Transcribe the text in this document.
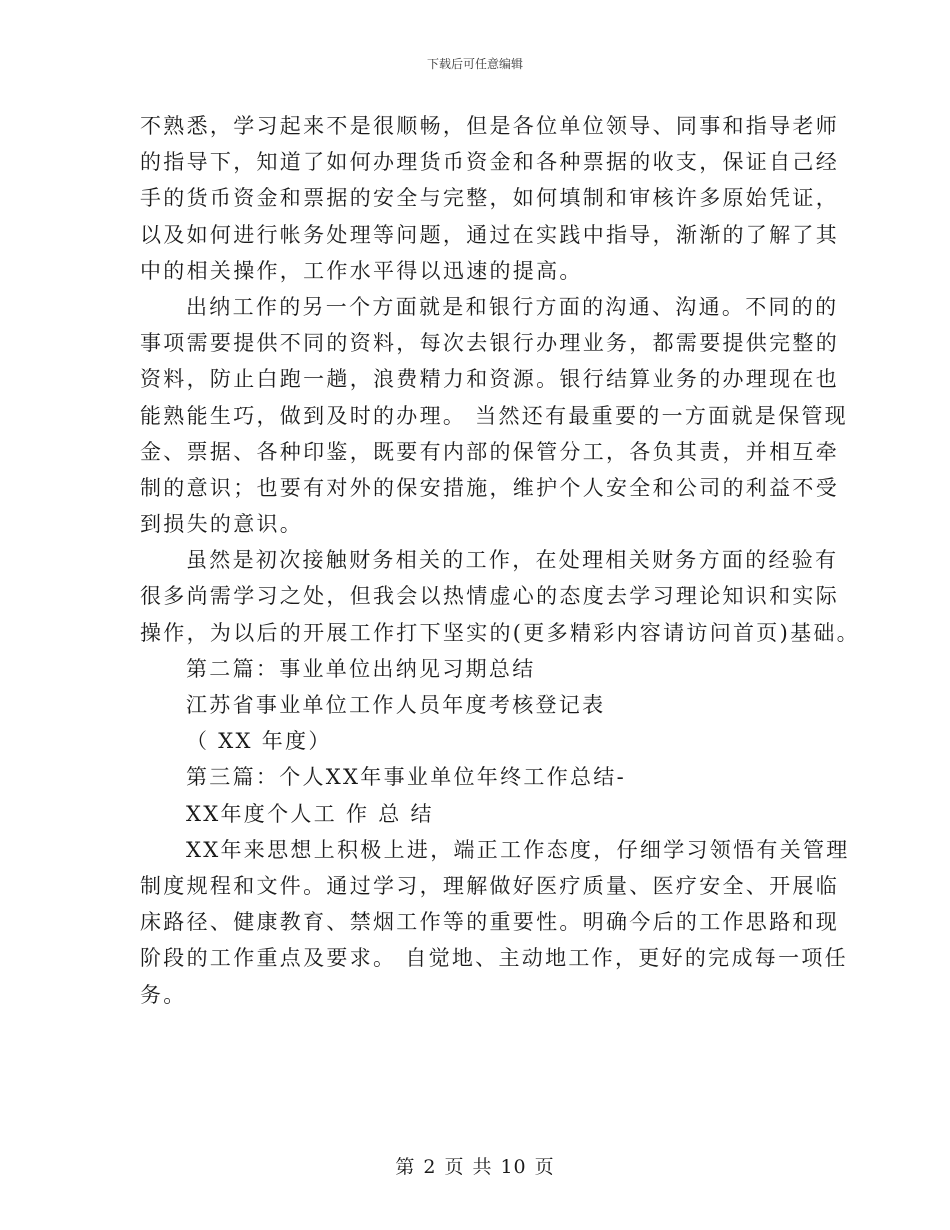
下载后可任意编辑
不熟悉，学习起来不是很顺畅，但是各位单位领导、同事和指导老师
的指导下，知道了如何办理货币资金和各种票据的收支，保证自己经
手的货币资金和票据的安全与完整，如何填制和审核许多原始凭证，
以及如何进行帐务处理等问题，通过在实践中指导，渐渐的了解了其
中的相关操作，工作水平得以迅速的提高。
出纳工作的另一个方面就是和银行方面的沟通、沟通。不同的的
事项需要提供不同的资料，每次去银行办理业务，都需要提供完整的
资料，防止白跑一趟，浪费精力和资源。银行结算业务的办理现在也
能熟能生巧，做到及时的办理。 当然还有最重要的一方面就是保管现
金、票据、各种印鉴，既要有内部的保管分工，各负其责，并相互牵
制的意识；也要有对外的保安措施，维护个人安全和公司的利益不受
到损失的意识。
虽然是初次接触财务相关的工作，在处理相关财务方面的经验有
很多尚需学习之处，但我会以热情虚心的态度去学习理论知识和实际
操作，为以后的开展工作打下坚实的(更多精彩内容请访问首页)基础。
第二篇：事业单位出纳见习期总结
江苏省事业单位工作人员年度考核登记表
（ XX 年度）
第三篇：个人XX年事业单位年终工作总结-
XX年度个人工 作 总 结
XX年来思想上积极上进，端正工作态度，仔细学习领悟有关管理
制度规程和文件。通过学习，理解做好医疗质量、医疗安全、开展临
床路径、健康教育、禁烟工作等的重要性。明确今后的工作思路和现
阶段的工作重点及要求。 自觉地、主动地工作，更好的完成每一项任
务。
第 2 页 共 10 页
